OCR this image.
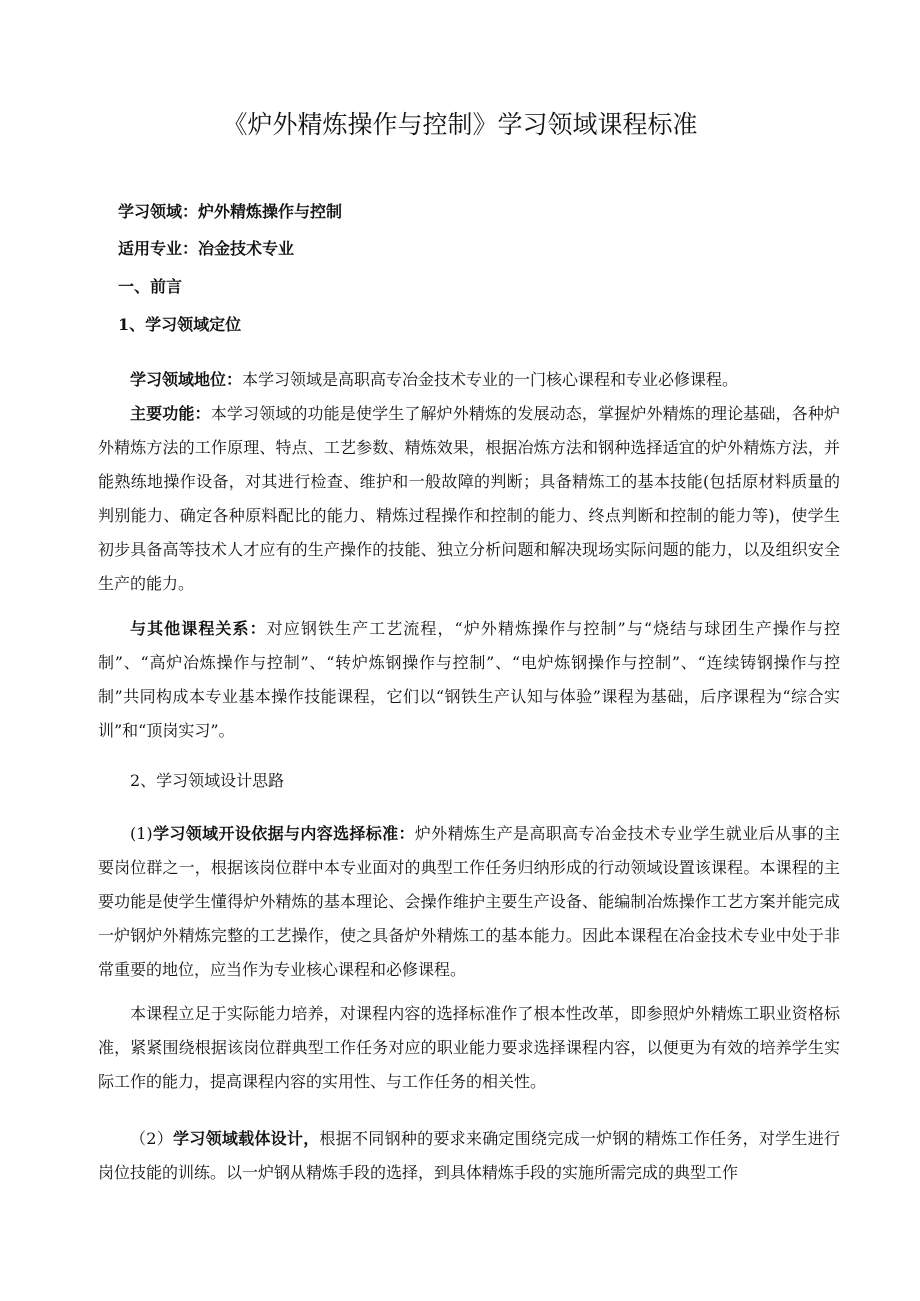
《炉外精炼操作与控制》学习领域课程标准
学习领域：炉外精炼操作与控制
适用专业：冶金技术专业
一、前言
1、学习领域定位

学习领域地位：本学习领域是高职高专冶金技术专业的一门核心课程和专业必修课程。

主要功能：本学习领域的功能是使学生了解炉外精炼的发展动态，掌握炉外精炼的理论基础，各种炉外精炼方法的工作原理、特点、工艺参数、精炼效果，根据冶炼方法和钢种选择适宜的炉外精炼方法，并能熟练地操作设备，对其进行检查、维护和一般故障的判断；具备精炼工的基本技能(包括原材料质量的判别能力、确定各种原料配比的能力、精炼过程操作和控制的能力、终点判断和控制的能力等)，使学生初步具备高等技术人才应有的生产操作的技能、独立分析问题和解决现场实际问题的能力，以及组织安全生产的能力。

与其他课程关系：对应钢铁生产工艺流程，“炉外精炼操作与控制”与“烧结与球团生产操作与控制”、“高炉冶炼操作与控制”、“转炉炼钢操作与控制”、“电炉炼钢操作与控制”、“连续铸钢操作与控制”共同构成本专业基本操作技能课程，它们以“钢铁生产认知与体验”课程为基础，后序课程为“综合实训”和“顶岗实习”。

2、学习领域设计思路

(1)学习领域开设依据与内容选择标准：炉外精炼生产是高职高专冶金技术专业学生就业后从事的主要岗位群之一，根据该岗位群中本专业面对的典型工作任务归纳形成的行动领域设置该课程。本课程的主要功能是使学生懂得炉外精炼的基本理论、会操作维护主要生产设备、能编制冶炼操作工艺方案并能完成一炉钢炉外精炼完整的工艺操作，使之具备炉外精炼工的基本能力。因此本课程在冶金技术专业中处于非常重要的地位，应当作为专业核心课程和必修课程。

本课程立足于实际能力培养，对课程内容的选择标准作了根本性改革，即参照炉外精炼工职业资格标准，紧紧围绕根据该岗位群典型工作任务对应的职业能力要求选择课程内容，以便更为有效的培养学生实际工作的能力，提高课程内容的实用性、与工作任务的相关性。

（2）学习领域载体设计，根据不同钢种的要求来确定围绕完成一炉钢的精炼工作任务，对学生进行岗位技能的训练。以一炉钢从精炼手段的选择，到具体精炼手段的实施所需完成的典型工作
